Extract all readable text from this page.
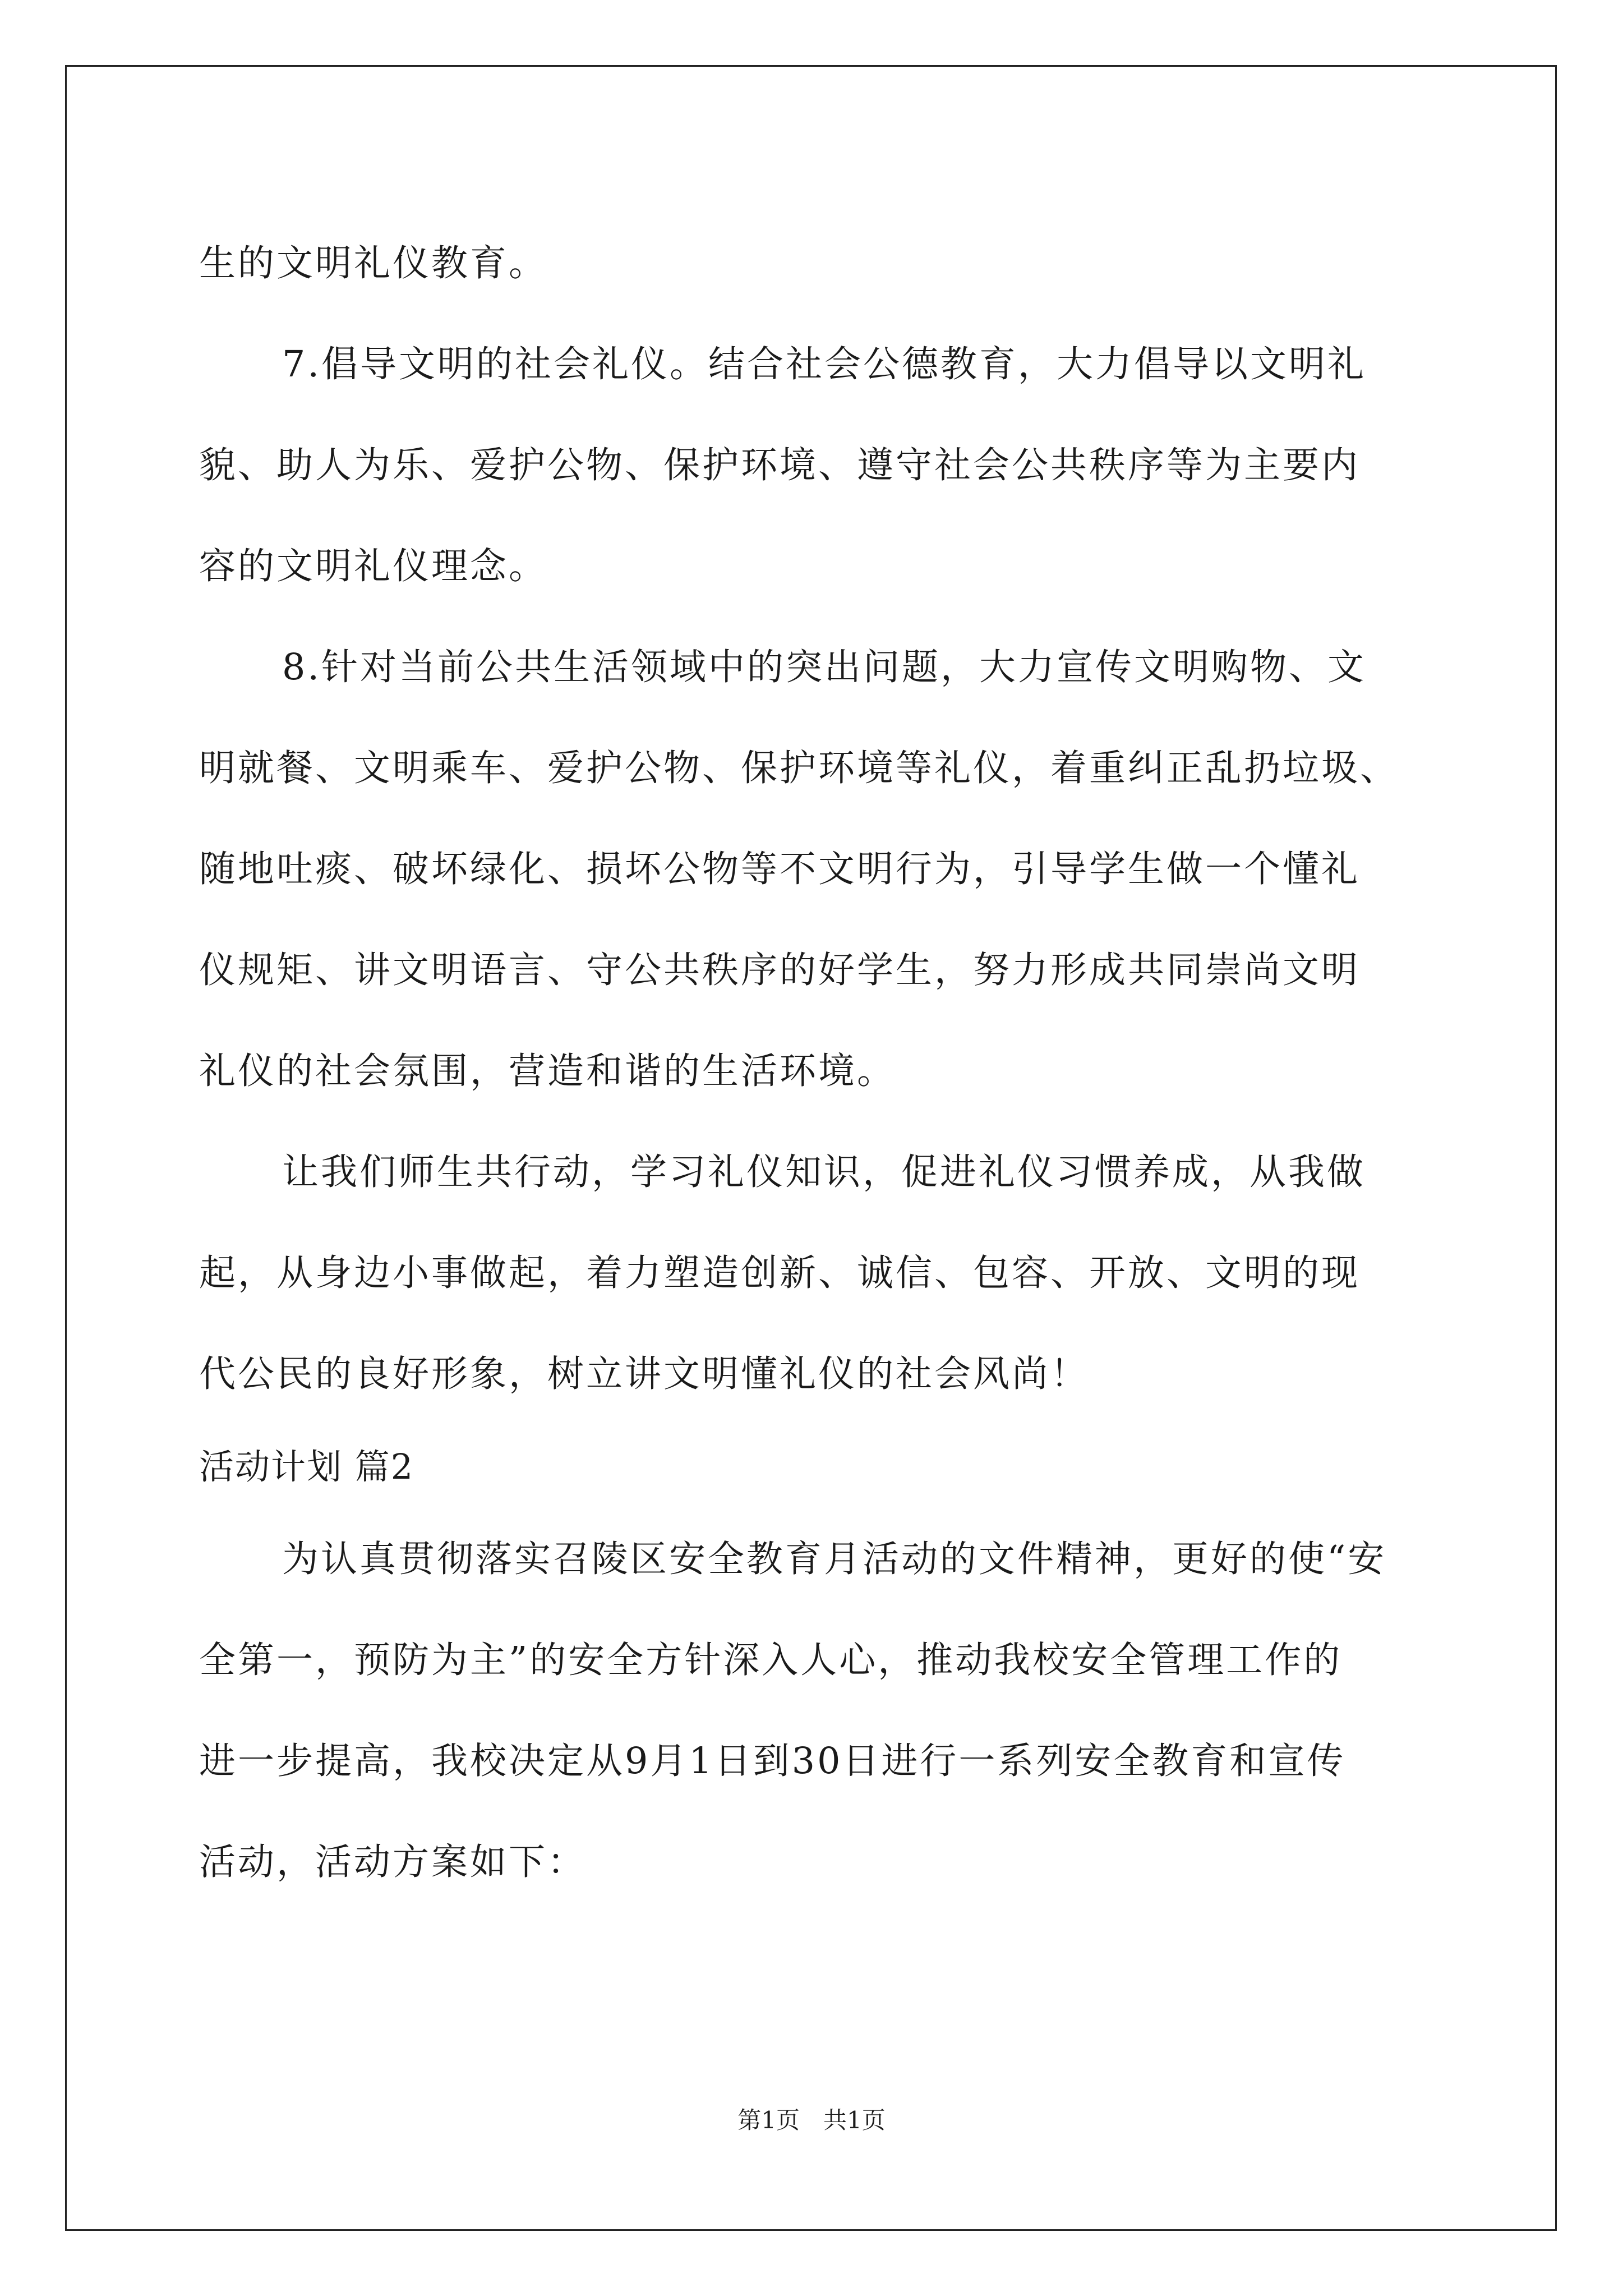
生的文明礼仪教育。
7.倡导文明的社会礼仪。结合社会公德教育，大力倡导以文明礼
貌、助人为乐、爱护公物、保护环境、遵守社会公共秩序等为主要内
容的文明礼仪理念。
8.针对当前公共生活领域中的突出问题，大力宣传文明购物、文
明就餐、文明乘车、爱护公物、保护环境等礼仪，着重纠正乱扔垃圾、
随地吐痰、破坏绿化、损坏公物等不文明行为，引导学生做一个懂礼
仪规矩、讲文明语言、守公共秩序的好学生，努力形成共同崇尚文明
礼仪的社会氛围，营造和谐的生活环境。
让我们师生共行动，学习礼仪知识，促进礼仪习惯养成，从我做
起，从身边小事做起，着力塑造创新、诚信、包容、开放、文明的现
代公民的良好形象，树立讲文明懂礼仪的社会风尚！
活动计划 篇2
为认真贯彻落实召陵区安全教育月活动的文件精神，更好的使“安
全第一，预防为主”的安全方针深入人心，推动我校安全管理工作的
进一步提高，我校决定从9月1日到30日进行一系列安全教育和宣传
活动，活动方案如下：
第1页　共1页
